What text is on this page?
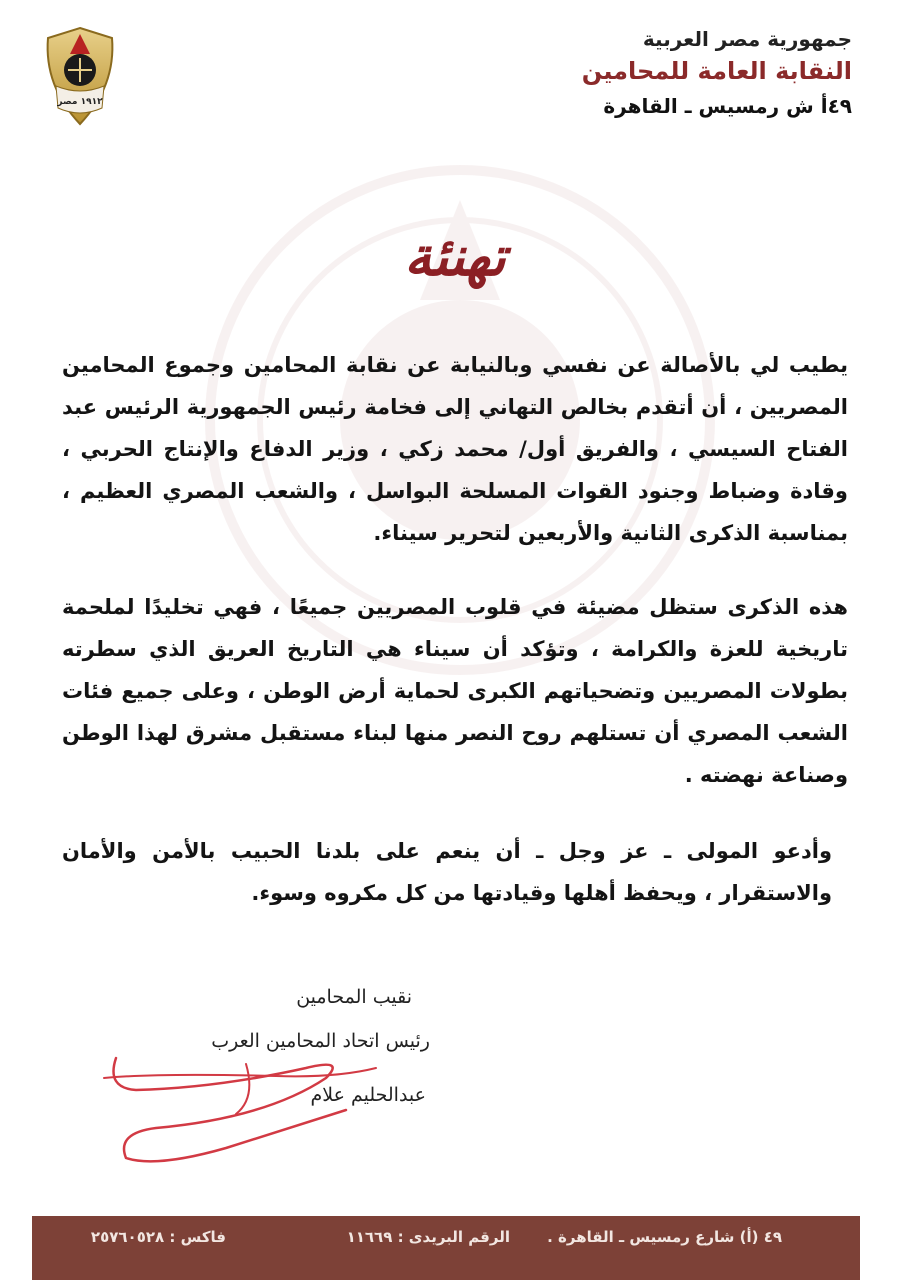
١٩١٢ مصر
جمهورية مصر العربية
النقابة العامة للمحامين
٤٩أ ش رمسيس ـ القاهرة
تهنئة

يطيب لي بالأصالة عن نفسي وبالنيابة عن نقابة المحامين وجموع المحامين المصريين ، أن أتقدم بخالص التهاني إلى فخامة رئيس الجمهورية الرئيس عبد الفتاح السيسي ، والفريق أول/ محمد زكي ، وزير الدفاع والإنتاج الحربي ، وقادة وضباط وجنود القوات المسلحة البواسل ، والشعب المصري العظيم ، بمناسبة الذكرى الثانية والأربعين لتحرير سيناء.

هذه الذكرى ستظل مضيئة في قلوب المصريين جميعًا ، فهي تخليدًا لملحمة تاريخية للعزة والكرامة ، وتؤكد أن سيناء هي التاريخ العريق الذي سطرته بطولات المصريين وتضحياتهم الكبرى لحماية أرض الوطن ، وعلى جميع فئات الشعب المصري أن تستلهم روح النصر منها لبناء مستقبل مشرق لهذا الوطن وصناعة نهضته .

وأدعو المولى ـ عز وجل ـ أن ينعم على بلدنا الحبيب بالأمن والأمان والاستقرار ، ويحفظ أهلها وقيادتها من كل مكروه وسوء.

نقيب المحامين
رئيس اتحاد المحامين العرب
عبدالحليم علام
٤٩ (أ) شارع رمسيس ـ القاهرة .
الرقم البريدى : ١١٦٦٩
فاكس : ٢٥٧٦٠٥٢٨
